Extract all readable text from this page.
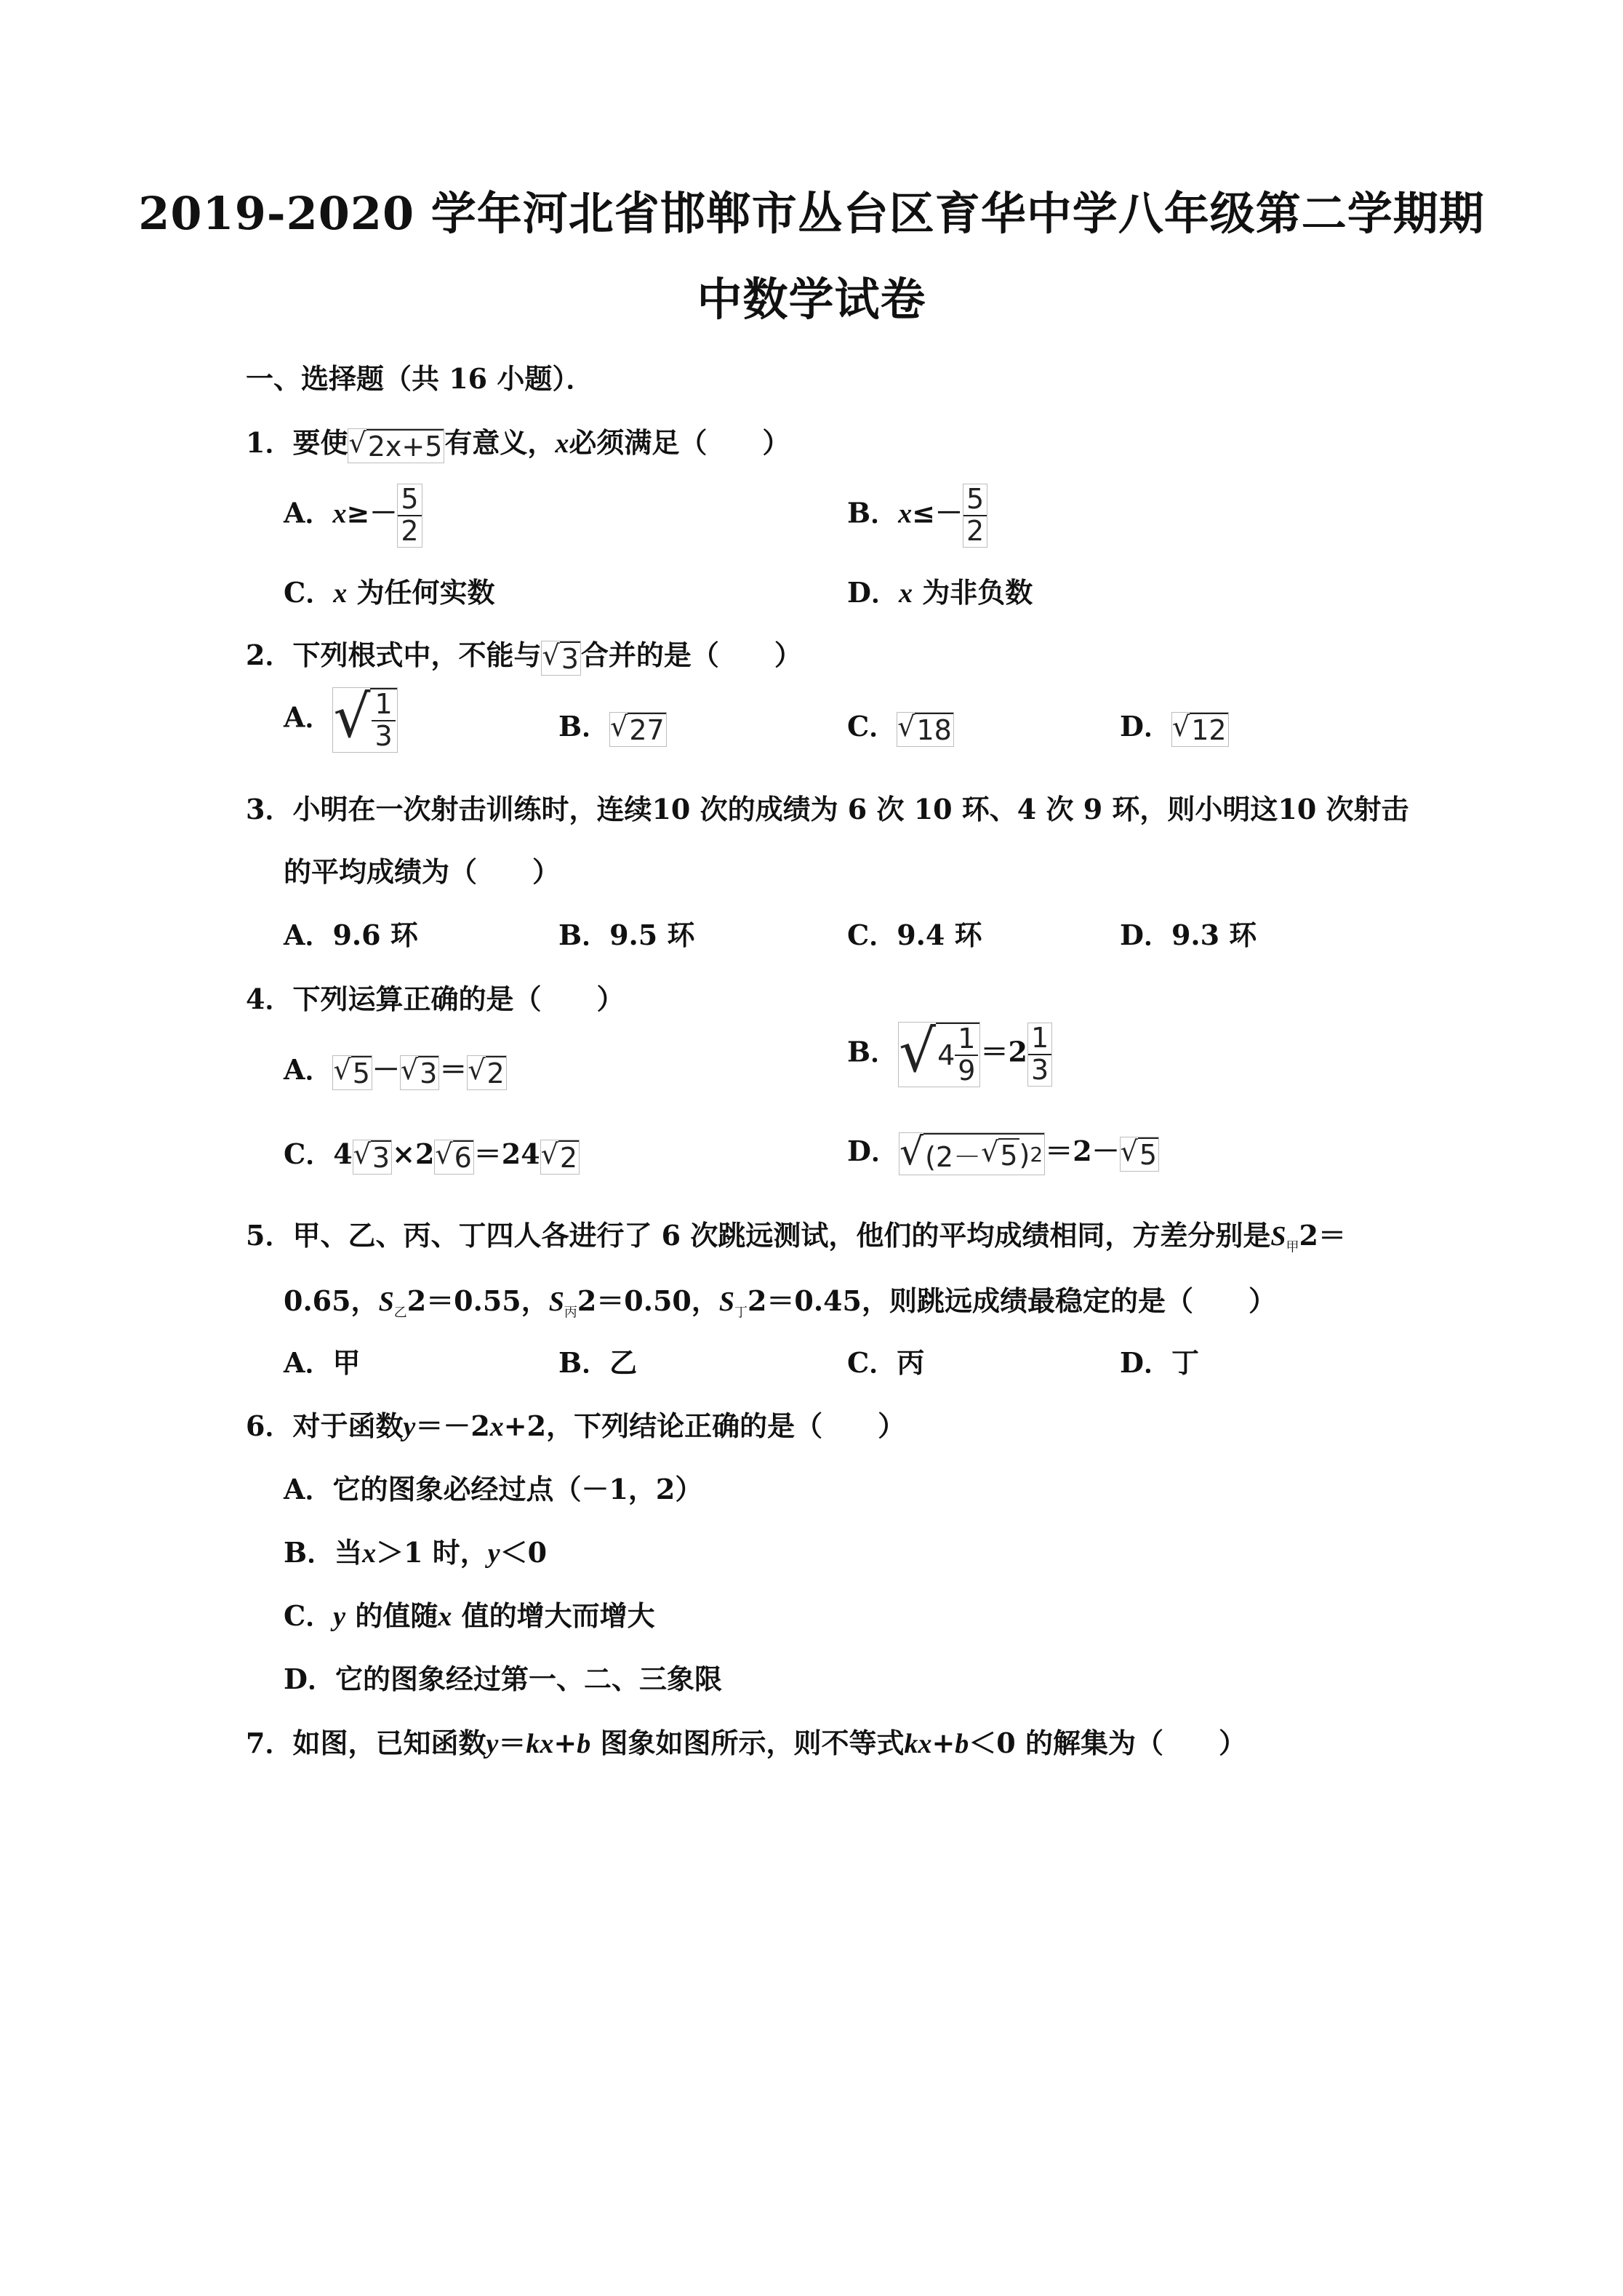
2019-2020 学年河北省邯郸市丛台区育华中学八年级第二学期期
中数学试卷
一、选择题（共 16 小题）．
1．要使 √ 2x+5 有意义，x必须满足（　　）
A．$x\ge- \frac{5}{2}$	B．$x\le- \frac{5}{2}$
C．x 为任何实数	D．x 为非负数
2．下列根式中，不能与 √ 3 合并的是（　　）
A． √ $\frac{1}{3}$	B． √ 27	C． √ 18	D． √ 12
3．小明在一次射击训练时，连续10 次的成绩为 6 次 10 环、4 次 9 环，则小明这10 次射击
的平均成绩为（　　）
A．9.6 环	B．9.5 环	C．9.4 环	D．9.3 环
4．下列运算正确的是（　　）
A． √ 5 － √ 3 ＝ √ 2
B． √ $4 \frac{1}{9} =2 \frac{1}{3}$
C．4 √ 3 ×2 √ 6 ＝24 √ 2	D． √ (2－ √ 5 ) 2 ＝2－ √ 5
5．甲、乙、丙、丁四人各进行了 6 次跳远测试，他们的平均成绩相同，方差分别是$S_甲2=$
0.65，$S_乙2=0.55$，$S_丙2=0.50$，$S_丁2=0.45$，则跳远成绩最稳定的是（　　）
A．甲	B．乙	C．丙	D．丁
6．对于函数y＝－2x+2，下列结论正确的是（　　）
A．它的图象必经过点（－1，2）
B．当x＞1 时，y＜0
C．y 的值随x 值的增大而增大
D．它的图象经过第一、二、三象限
7．如图，已知函数y＝kx+b 图象如图所示，则不等式kx+b＜0 的解集为（　　）
